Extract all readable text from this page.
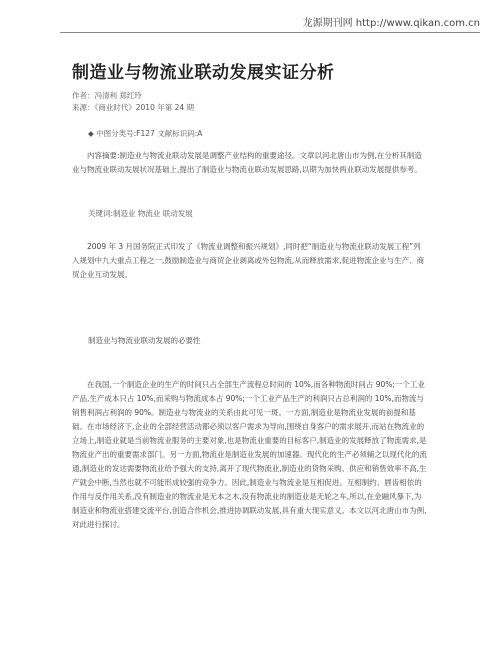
龙源期刊网 http://www.qikan.com.cn
制造业与物流业联动发展实证分析
作者：冯清利 郑红玲
来源：《商业时代》2010 年第 24 期
◆ 中图分类号:F127 文献标识码:A
内容摘要:制造业与物流业联动发展是调整产业结构的重要途径。文章以河北唐山市为例,在分析其制造业与物流业联动发展状况基础上,提出了制造业与物流业联动发展思路,以期为加快两业联动发展提供参考。
关键词:制造业 物流业 联动发展
2009 年 3 月国务院正式印发了《物流业调整和振兴规划》,同时把“制造业与物流业联动发展工程”列入规划中九大重点工程之一,鼓励制造业与商贸企业剥离或外包物流,从而释放需求,促进物流企业与生产、商贸企业互动发展。
制造业与物流业联动发展的必要性
在我国,一个制造企业的生产的时间只占全部生产流程总时间的 10%,而各种物流时间占 90%;一个工业产品,生产成本只占 10%,而采购与物流成本占 90%;一个工业产品生产的利润只占总利润的 10%,而物流与销售利润占利润的 90%。制造业与物流业的关系由此可见一斑。一方面,制造业是物流业发展的前提和基础。在市场经济下,企业的全部经营活动都必须以客户需求为导向,围绕自身客户的需求展开,而站在物流业的立场上,制造业就是当前物流业服务的主要对象,也是物流业重要的目标客户,制造业的发展释放了物流需求,是物流业产出的重要需求部门。另一方面,物流业是制造业发展的加速器。现代化的生产必须辅之以现代化的流通,制造业的发达需要物流业给予强大的支持,离开了现代物流业,制造业的货物采购、供应和销售效率不高,生产就会中断,当然也就不可能形成较强的竞争力。因此,制造业与物流业是互相促进、互相制约、唇齿相依的作用与反作用关系,没有制造业的物流业是无本之木,没有物流业的制造业是无轮之车,所以,在金融风暴下,为制造业和物流业搭建交流平台,创造合作机会,推进协调联动发展,具有重大现实意义。本文以河北唐山市为例,对此进行探讨。
